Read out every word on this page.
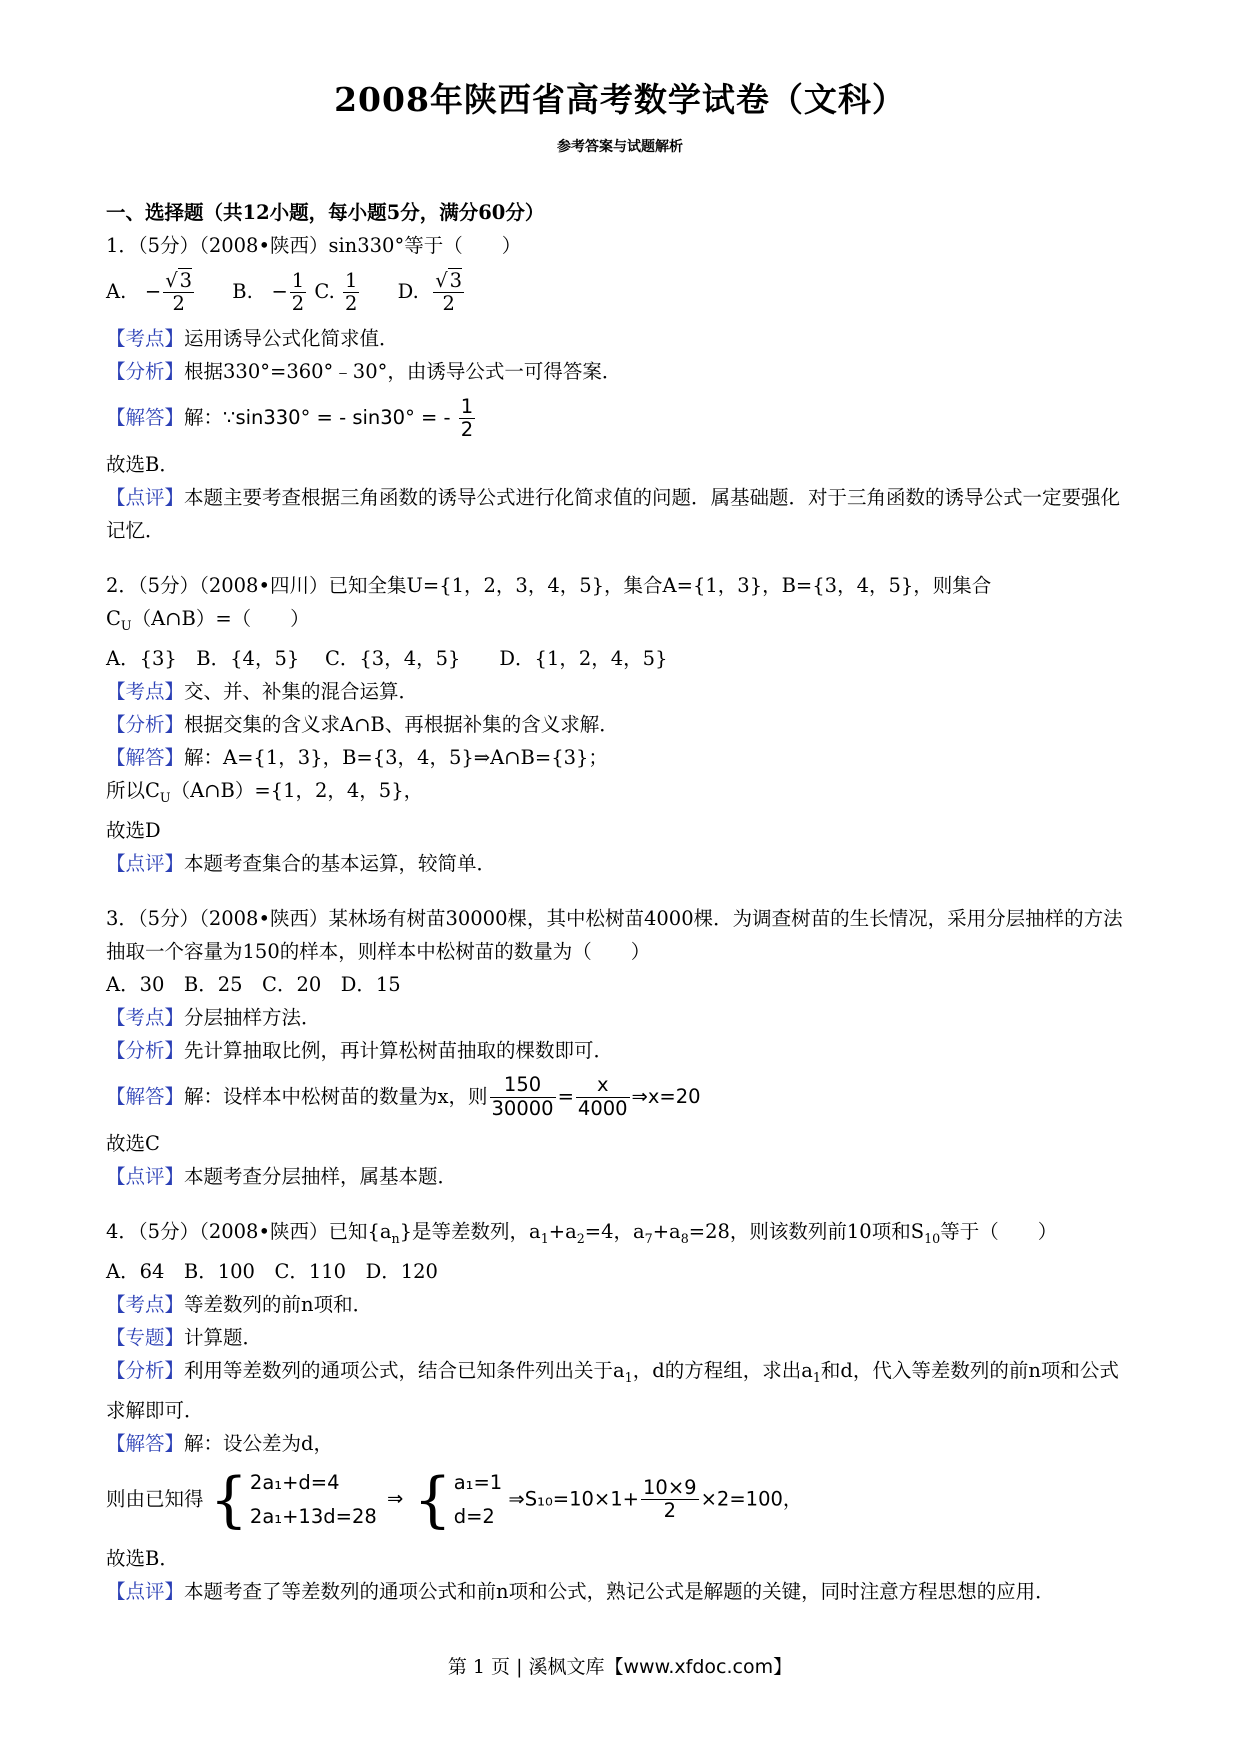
2008年陕西省高考数学试卷（文科）
参考答案与试题解析
一、选择题（共12小题，每小题5分，满分60分）
1．（5分）（2008•陕西）sin330°等于（　　）
A. − $\frac{√ 3}{2} B$. − $\frac{1}{2} C$. $\frac{1}{2} D$. $\frac{√ 3}{2}$
【考点】运用诱导公式化简求值．
【分析】根据330°=360°﹣30°，由诱导公式一可得答案．
【解答】解：∵sin330° = - sin30° = - $\frac{1}{2}$
故选B．
【点评】本题主要考查根据三角函数的诱导公式进行化简求值的问题．属基础题．对于三角函数的诱导公式一定要强化记忆．
2．（5分）（2008•四川）已知全集U={1，2，3，4，5}，集合A={1，3}，B={3，4，5}，则集合
$C_U(A\cap B)=$（　　）
A．{3}　B．{4，5}　 C．{3，4，5}　　D．{1，2，4，5}
【考点】交、并、补集的混合运算．
【分析】根据交集的含义求A∩B、再根据补集的含义求解．
【解答】解：A={1，3}，B={3，4，5}⇒A∩B={3}；
所以$C_U(A\cap B)=\{1$，2，4，5}，
故选D
【点评】本题考查集合的基本运算，较简单．
3．（5分）（2008•陕西）某林场有树苗30000棵，其中松树苗4000棵．为调查树苗的生长情况，采用分层抽样的方法抽取一个容量为150的样本，则样本中松树苗的数量为（　　）
A．30　B．25　C．20　D．15
【考点】分层抽样方法．
【分析】先计算抽取比例，再计算松树苗抽取的棵数即可．
【解答】解：设样本中松树苗的数量为x，则 $\frac{150}{30000} = \frac{x}{4000}$ ⇒x=20
故选C
【点评】本题考查分层抽样，属基本题．
4．（5分）（2008•陕西）已知$\{a_n\}$是等差数列，$a_1+a_2=4$，$a_7+a_8=28$，则该数列前10项和$S_{10}$等于（　　）
A．64　B．100　C．110　D．120
【考点】等差数列的前n项和．
【专题】计算题．
【分析】利用等差数列的通项公式，结合已知条件列出关于$a_1$，d的方程组，求出$a_1$和d，代入等差数列的前n项和公式求解即可．
【解答】解：设公差为d，
则由已知得 { 2a₁+d=4
2a₁+13d=28
⇒ { a₁=1
d=2
⇒S₁₀=10×1+ $\frac{10\times 9}{2} \times 2=100$，
故选B．
【点评】本题考查了等差数列的通项公式和前n项和公式，熟记公式是解题的关键，同时注意方程思想的应用．
第 1 页 | 溪枫文库【www.xfdoc.com】
